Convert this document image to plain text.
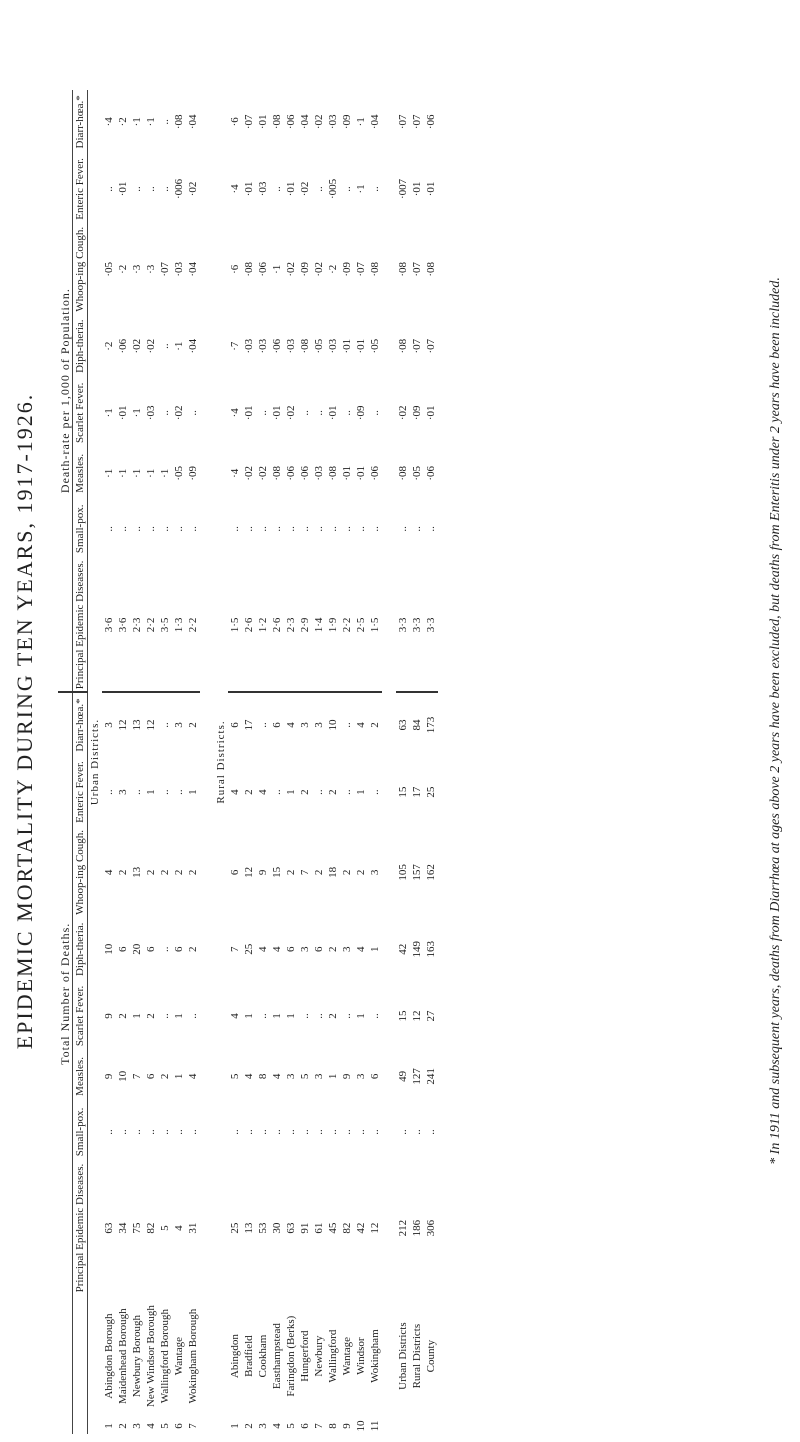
EPIDEMIC MORTALITY DURING TEN YEARS, 1917-1926.
		Total Number of Deaths.								Death-rate per 1,000 of Population.							
		Principal Epidemic Diseases.	Small-pox.	Measles.	Scarlet Fever.	Diph-theria.	Whoop-ing Cough.	Enteric Fever.	Diarr-hœa.*	Principal Epidemic Diseases.	Small-pox.	Measles.	Scarlet Fever.	Diph-theria.	Whoop-ing Cough.	Enteric Fever.	Diarr-hœa.*
Urban Districts.																	
1	Abingdon Borough	63	..	9	9	10	4	..	3	3·6	..	·1	·1	·2	·05	..	·4
2	Maidenhead Borough	34	..	10	2	6	2	3	12	3·6	..	·1	·01	·06	·2	·01	·2
3	Newbury Borough	75	..	7	1	20	13	..	13	2·3	..	·1	·1	·02	·3	..	·1
4	New Windsor Borough	82	..	6	2	6	2	1	12	2·2	..	·1	·03	·02	·3	..	·1
5	Wallingford Borough	5	..	2	..	..	2	..	..	3·5	..	·1	..	..	·07	..	..
6	Wantage	4	..	1	1	6	2	..	3	1·3	..	·05	·02	·1	·03	·006	·08
7	Wokingham Borough	31	..	4	..	2	2	1	2	2·2	..	·09	..	·04	·04	·02	·04

Rural Districts.																	
1	Abingdon	25	..	5	4	7	6	4	6	1·5	..	·4	·4	·7	·6	·4	·6
2	Bradfield	13	..	4	1	25	12	2	17	2·6	..	·02	·01	·03	·08	·01	·07
3	Cookham	53	..	8	..	4	9	4	..	1·2	..	·02	..	·03	·06	·03	·01
4	Easthampstead	30	..	4	1	4	15	..	6	2·6	..	·08	·01	·06	·1	..	·08
5	Faringdon (Berks)	63	..	3	1	6	2	1	4	2·3	..	·06	·02	·03	·02	·01	·06
6	Hungerford	91	..	5	..	3	7	2	3	2·9	..	·06	..	·08	·09	·02	·04
7	Newbury	61	..	3	..	6	2	..	3	1·4	..	·03	..	·05	·02	..	·02
8	Wallingford	45	..	1	2	2	18	2	10	1·9	..	·08	·01	·03	·2	·005	·03
9	Wantage	82	..	9	..	3	2	..	..	2·2	..	·01	..	·01	·09	..	·09
10	Windsor	42	..	3	1	4	2	1	4	2·5	..	·01	·09	·01	·07	·1	·1
11	Wokingham	12	..	6	..	1	3	..	2	1·5	..	·06	..	·05	·08	..	·04

	Urban Districts	212	..	49	15	42	105	15	63	3·3	..	·08	·02	·08	·08	·007	·07
	Rural Districts	186	..	127	12	149	157	17	84	3·3	..	·05	·09	·07	·07	·01	·07
	County	306	..	241	27	163	162	25	173	3·3	..	·06	·01	·07	·08	·01	·06
* In 1911 and subsequent years, deaths from Diarrhœa at ages above 2 years have been excluded, but deaths from Enteritis under 2 years have been included.
